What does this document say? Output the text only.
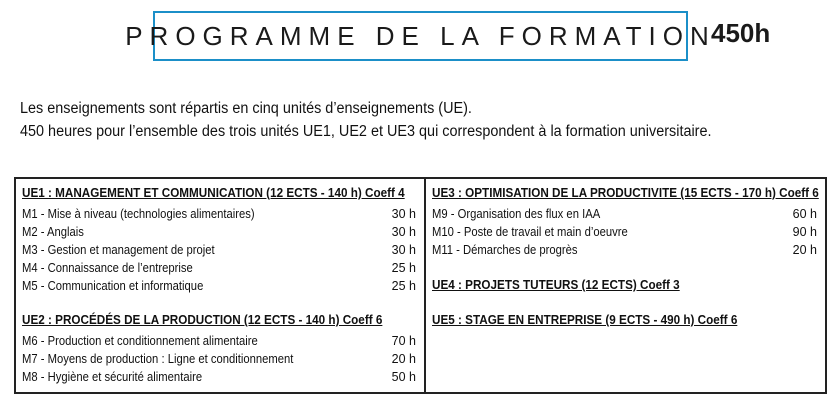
PROGRAMME DE LA FORMATION
450h
Les enseignements sont répartis en cinq unités d’enseignements (UE).
450 heures pour l’ensemble des trois unités UE1, UE2 et UE3 qui correspondent à la formation universitaire.
UE1 : MANAGEMENT ET COMMUNICATION (12 ECTS - 140 h) Coeff 4
M1 - Mise à niveau (technologies alimentaires)	30 h
M2 - Anglais	30 h
M3 - Gestion et management de projet	30 h
M4 - Connaissance de l’entreprise	25 h
M5 - Communication et informatique	25 h
UE2 : PROCÉDÉS DE LA PRODUCTION (12 ECTS - 140 h) Coeff 6
M6 - Production et conditionnement alimentaire	70 h
M7 - Moyens de production : Ligne et conditionnement	20 h
M8 - Hygiène et sécurité alimentaire	50 h
UE3 : OPTIMISATION DE LA PRODUCTIVITE (15 ECTS - 170 h) Coeff 6
M9 - Organisation des flux en IAA	60 h
M10 - Poste de travail et main d’oeuvre	90 h
M11 - Démarches de progrès	20 h
UE4 : PROJETS TUTEURS (12 ECTS) Coeff 3
UE5 : STAGE EN ENTREPRISE (9 ECTS - 490 h) Coeff 6
